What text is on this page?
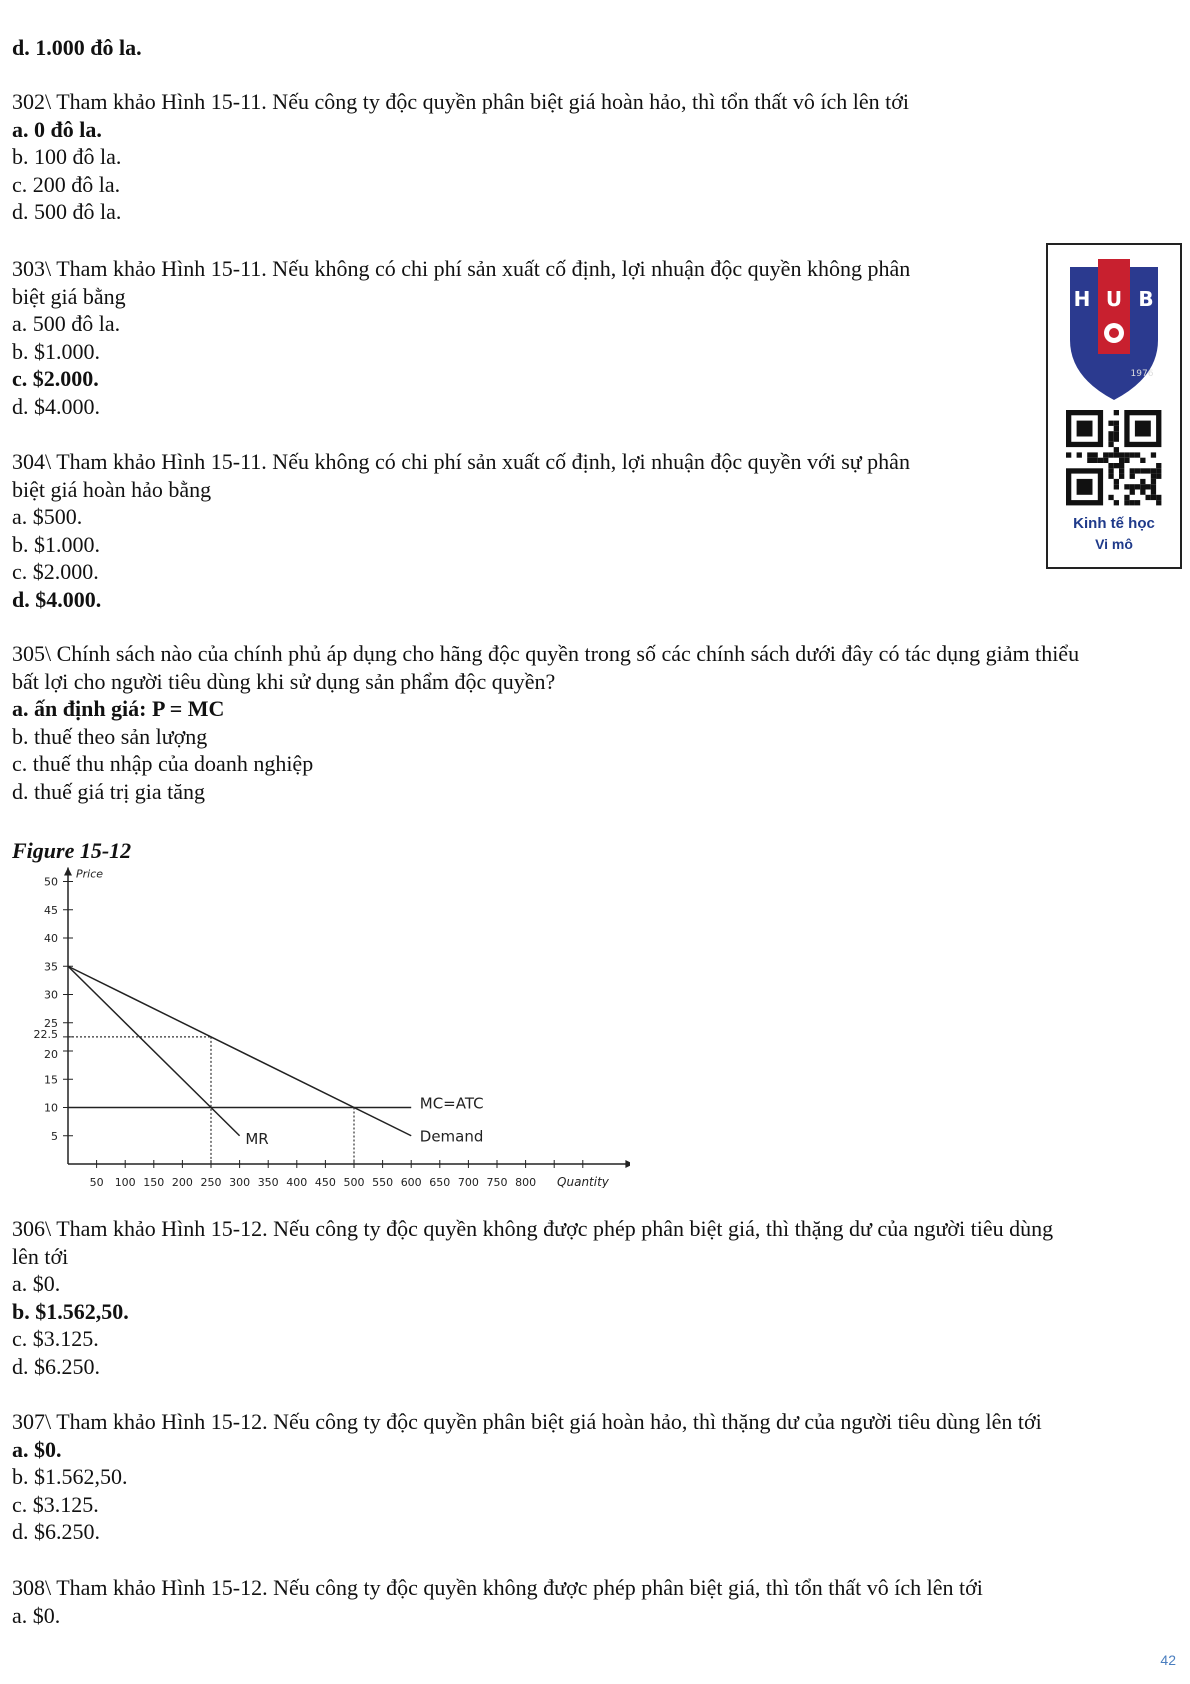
d. 1.000 đô la.
302\ Tham khảo Hình 15-11. Nếu công ty độc quyền phân biệt giá hoàn hảo, thì tổn thất vô ích lên tới
a. 0 đô la.
b. 100 đô la.
c. 200 đô la.
d. 500 đô la.
303\ Tham khảo Hình 15-11. Nếu không có chi phí sản xuất cố định, lợi nhuận độc quyền không phân
biệt giá bằng
a. 500 đô la.
b. $1.000.
c. $2.000.
d. $4.000.
304\ Tham khảo Hình 15-11. Nếu không có chi phí sản xuất cố định, lợi nhuận độc quyền với sự phân
biệt giá hoàn hảo bằng
a. $500.
b. $1.000.
c. $2.000.
d. $4.000.
305\ Chính sách nào của chính phủ áp dụng cho hãng độc quyền trong số các chính sách dưới đây có tác dụng giảm thiểu
bất lợi cho người tiêu dùng khi sử dụng sản phẩm độc quyền?
a. ấn định giá: P = MC
b. thuế theo sản lượng
c. thuế thu nhập của doanh nghiệp
d. thuế giá trị gia tăng
306\ Tham khảo Hình 15-12. Nếu công ty độc quyền không được phép phân biệt giá, thì thặng dư của người tiêu dùng
lên tới
a. $0.
b. $1.562,50.
c. $3.125.
d. $6.250.
307\ Tham khảo Hình 15-12. Nếu công ty độc quyền phân biệt giá hoàn hảo, thì thặng dư của người tiêu dùng lên tới
a. $0.
b. $1.562,50.
c. $3.125.
d. $6.250.
308\ Tham khảo Hình 15-12. Nếu công ty độc quyền không được phép phân biệt giá, thì tổn thất vô ích lên tới
a. $0.
Figure 15-12
50 100 150 200 250 300 350 400 450 500 550 600 650 700 750 800
50
45
40
35
30
25
22.5
20
15
10
5	Demand
MR
MC=ATC
Price
Quantity
H U B
1976
Kinh tế học
Vi mô
42
